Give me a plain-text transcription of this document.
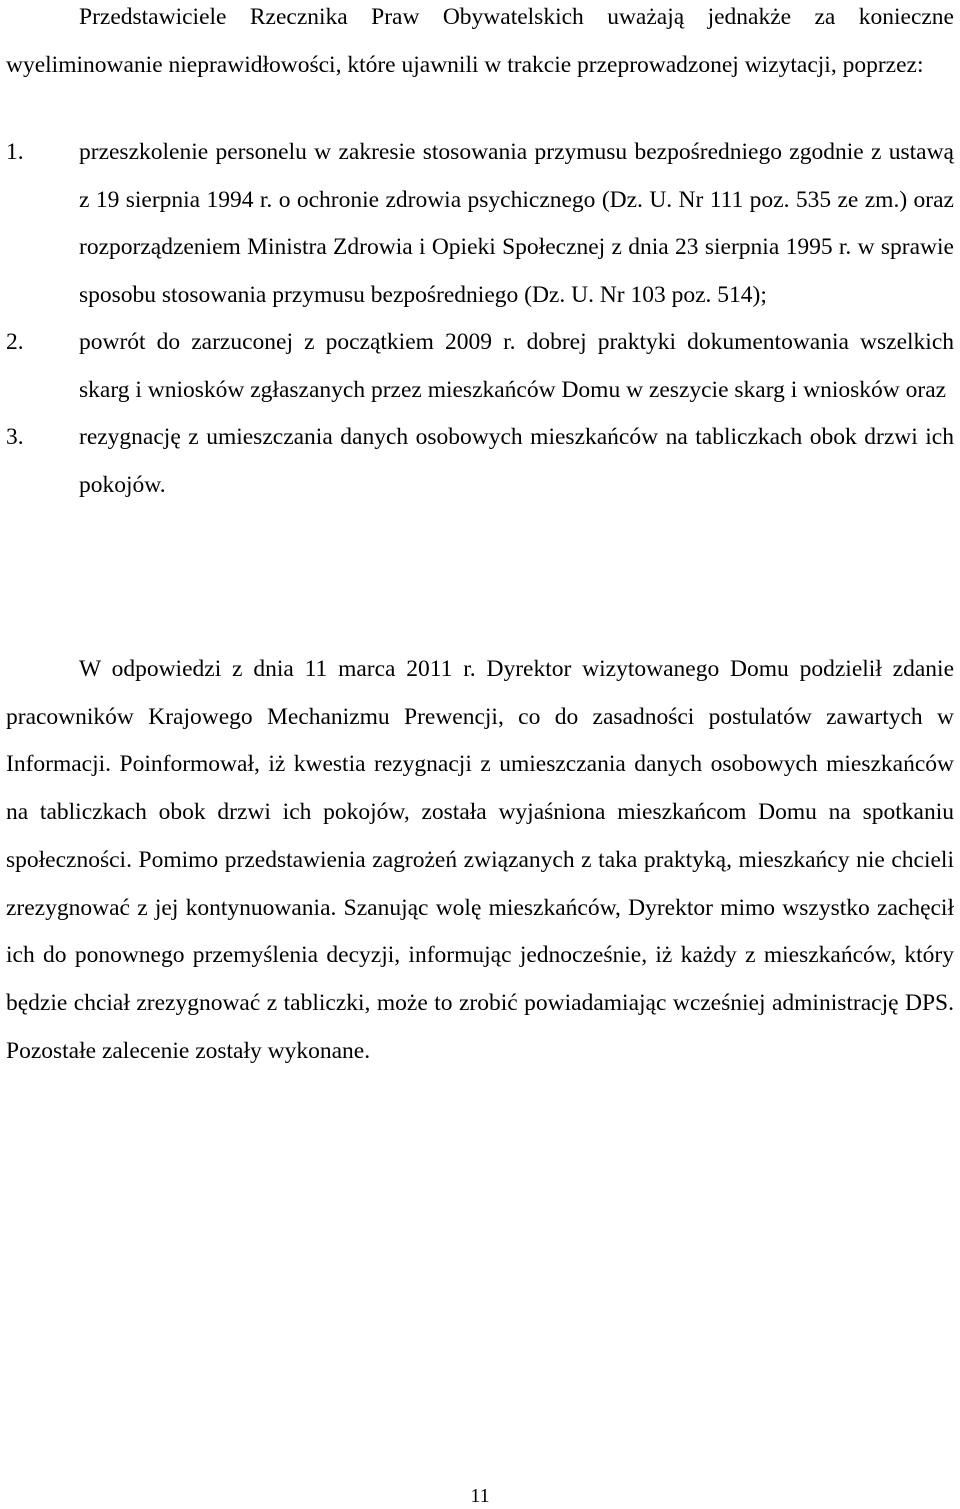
Przedstawiciele Rzecznika Praw Obywatelskich uważają jednakże za konieczne wyeliminowanie nieprawidłowości, które ujawnili w trakcie przeprowadzonej wizytacji, poprzez:

1. przeszkolenie personelu w zakresie stosowania przymusu bezpośredniego zgodnie z ustawą z 19 sierpnia 1994 r. o ochronie zdrowia psychicznego (Dz. U. Nr 111 poz. 535 ze zm.) oraz rozporządzeniem Ministra Zdrowia i Opieki Społecznej z dnia 23 sierpnia 1995 r. w sprawie sposobu stosowania przymusu bezpośredniego (Dz. U. Nr 103 poz. 514);
2. powrót do zarzuconej z początkiem 2009 r. dobrej praktyki dokumentowania wszelkich skarg i wniosków zgłaszanych przez mieszkańców Domu w zeszycie skarg i wniosków oraz
3. rezygnację z umieszczania danych osobowych mieszkańców na tabliczkach obok drzwi ich pokojów.

W odpowiedzi z dnia 11 marca 2011 r. Dyrektor wizytowanego Domu podzielił zdanie pracowników Krajowego Mechanizmu Prewencji, co do zasadności postulatów zawartych w Informacji. Poinformował, iż kwestia rezygnacji z umieszczania danych osobowych mieszkańców na tabliczkach obok drzwi ich pokojów, została wyjaśniona mieszkańcom Domu na spotkaniu społeczności. Pomimo przedstawienia zagrożeń związanych z taka praktyką, mieszkańcy nie chcieli zrezygnować z jej kontynuowania. Szanując wolę mieszkańców, Dyrektor mimo wszystko zachęcił ich do ponownego przemyślenia decyzji, informując jednocześnie, iż każdy z mieszkańców, który będzie chciał zrezygnować z tabliczki, może to zrobić powiadamiając wcześniej administrację DPS. Pozostałe zalecenie zostały wykonane.

11
